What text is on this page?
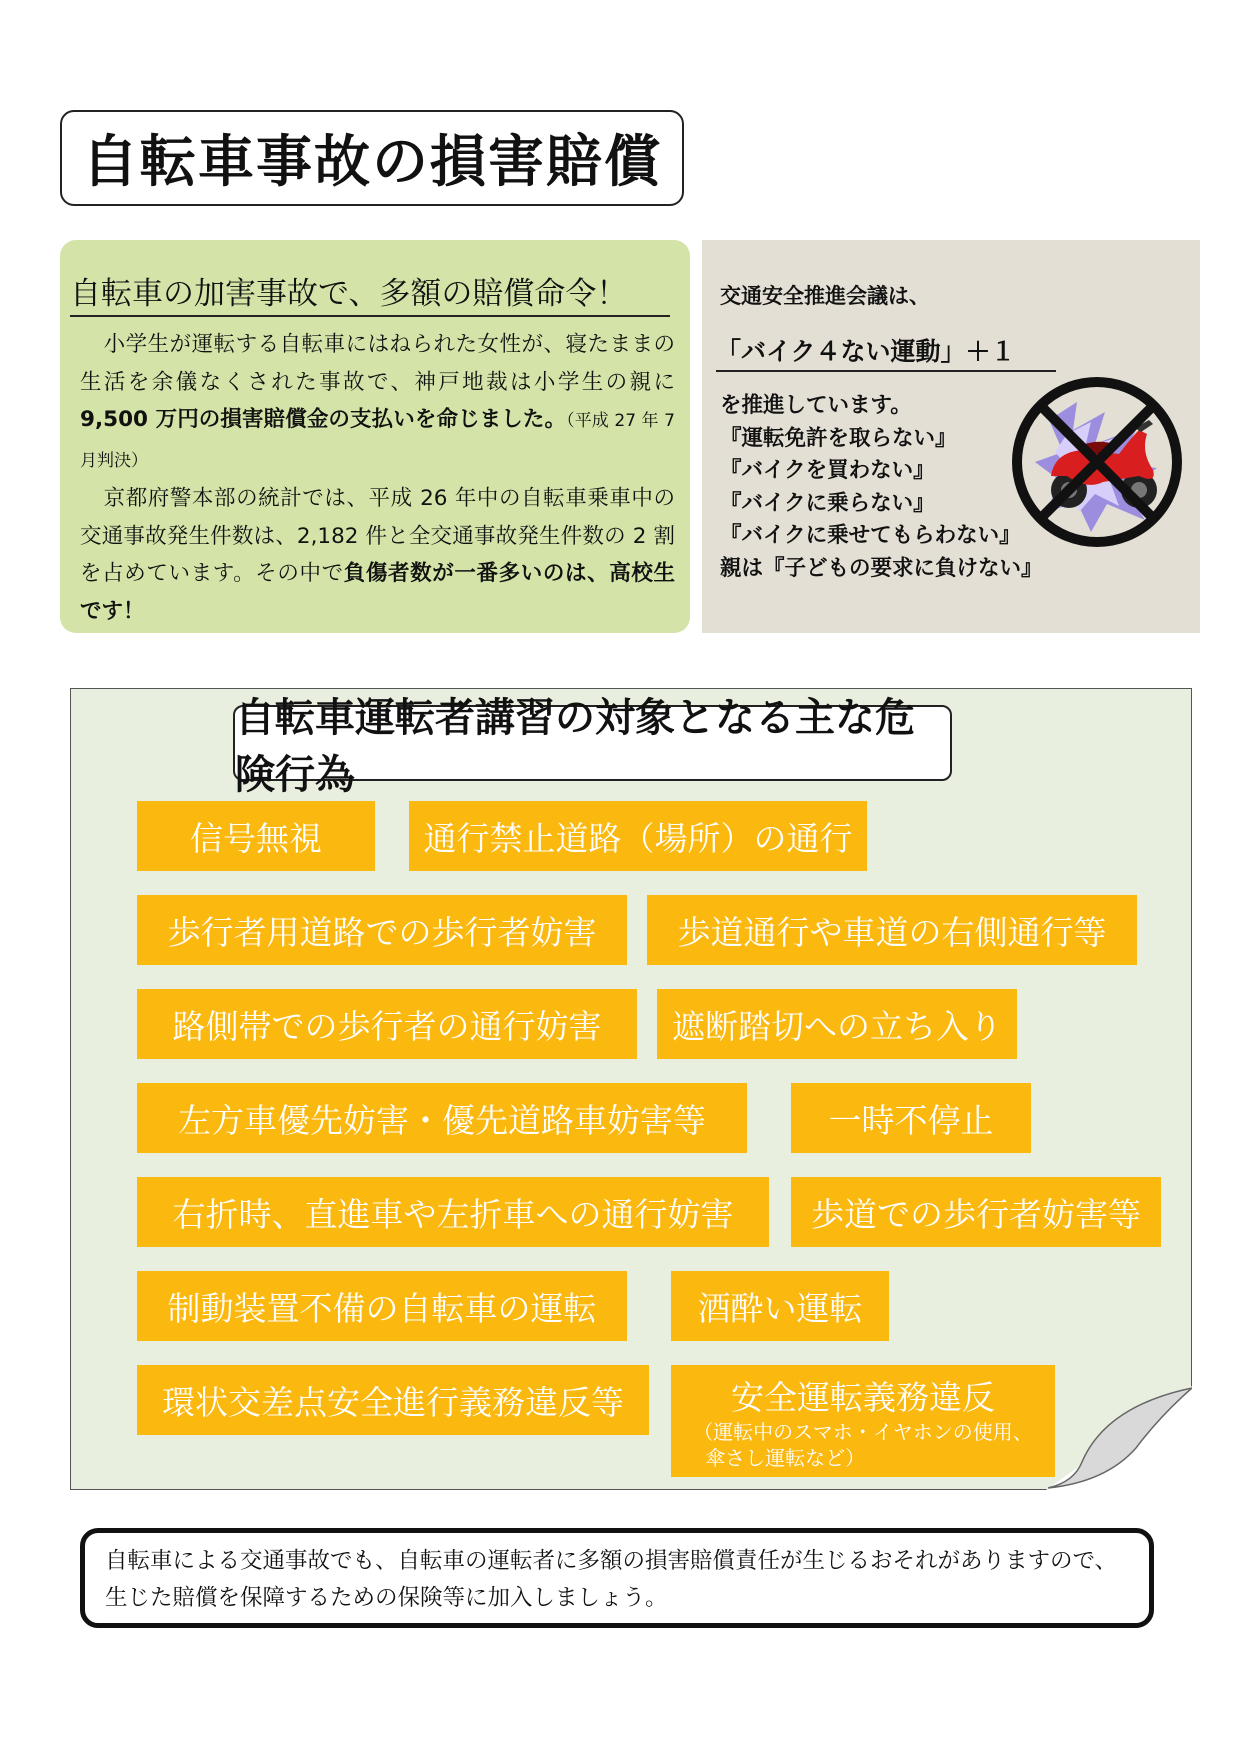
自転車事故の損害賠償
自転車の加害事故で、多額の賠償命令！

小学生が運転する自転車にはねられた女性が、寝たままの生活を余儀なくされた事故で、神戸地裁は小学生の親に9,500 万円の損害賠償金の支払いを命じました。（平成 27 年 7 月判決）

京都府警本部の統計では、平成 26 年中の自転車乗車中の交通事故発生件数は、2,182 件と全交通事故発生件数の 2 割を占めています。その中で負傷者数が一番多いのは、高校生です！

交通安全推進会議は、
「バイク４ない運動」＋１
を推進しています。
『運転免許を取らない』
『バイクを買わない』
『バイクに乗らない』
『バイクに乗せてもらわない』
親は『子どもの要求に負けない』
自転車運転者講習の対象となる主な危険行為
信号無視	通行禁止道路（場所）の通行
歩行者用道路での歩行者妨害	歩道通行や車道の右側通行等
路側帯での歩行者の通行妨害	遮断踏切への立ち入り
左方車優先妨害・優先道路車妨害等	一時不停止
右折時、直進車や左折車への通行妨害	歩道での歩行者妨害等
制動装置不備の自転車の運転	酒酔い運転
環状交差点安全進行義務違反等	安全運転義務違反
（運転中のスマホ・イヤホンの使用、
傘さし運転など）
自転車による交通事故でも、自転車の運転者に多額の損害賠償責任が生じるおそれがありますので、生じた賠償を保障するための保険等に加入しましょう。
